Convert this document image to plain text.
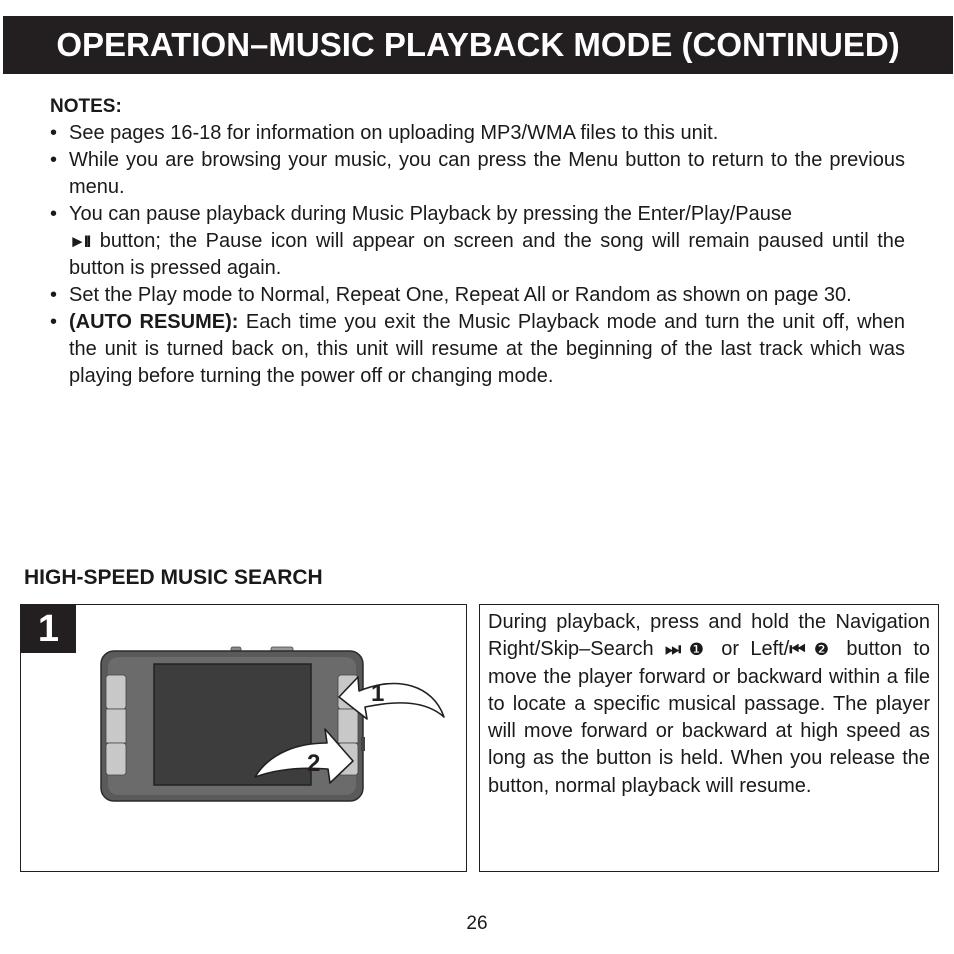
OPERATION–MUSIC PLAYBACK MODE (CONTINUED)
NOTES:
• See pages 16-18 for information on uploading MP3/WMA files to this unit.
• While you are browsing your music, you can press the Menu button to return to the previous menu.
• You can pause playback during Music Playback by pressing the Enter/Play/Pause
►II button; the Pause icon will appear on screen and the song will remain paused until the button is pressed again.
• Set the Play mode to Normal, Repeat One, Repeat All or Random as shown on page 30.
• (AUTO RESUME): Each time you exit the Music Playback mode and turn the unit off, when the unit is turned back on, this unit will resume at the beginning of the last track which was playing before turning the power off or changing mode.
HIGH-SPEED MUSIC SEARCH
1
2
1	During playback, press and hold the Navigation Right/Skip–Search ⏭ ❶ or Left/⏮ ❷ button to move the player forward or backward within a file to locate a specific musical passage. The player will move forward or backward at high speed as long as the button is held. When you release the button, normal playback will resume.
26
